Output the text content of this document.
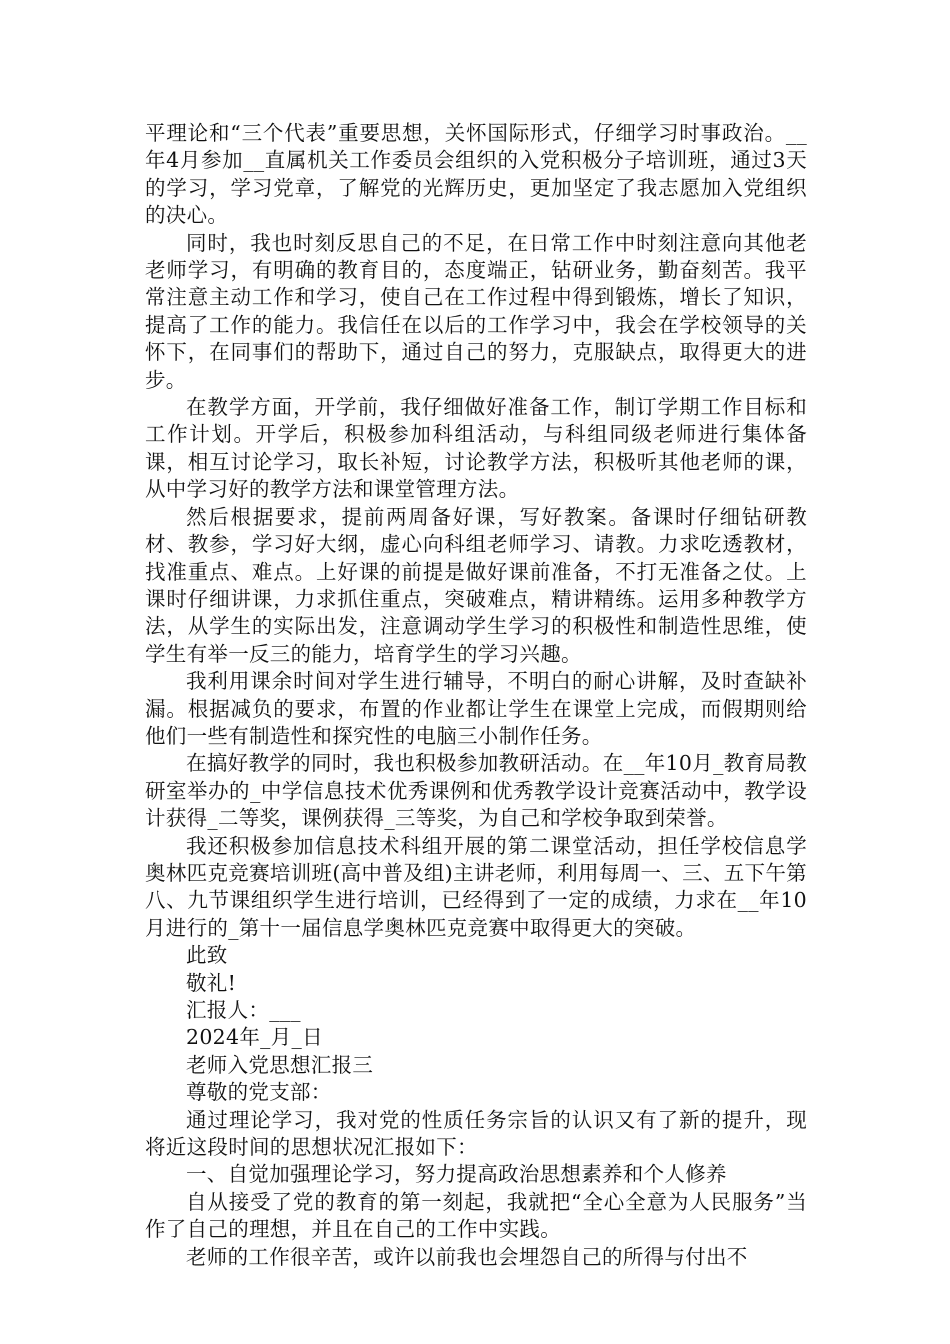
平理论和“三个代表”重要思想，关怀国际形式，仔细学习时事政治。__年4月参加__直属机关工作委员会组织的入党积极分子培训班，通过3天的学习，学习党章，了解党的光辉历史，更加坚定了我志愿加入党组织的决心。

同时，我也时刻反思自己的不足，在日常工作中时刻注意向其他老老师学习，有明确的教育目的，态度端正，钻研业务，勤奋刻苦。我平常注意主动工作和学习，使自己在工作过程中得到锻炼，增长了知识，提高了工作的能力。我信任在以后的工作学习中，我会在学校领导的关怀下，在同事们的帮助下，通过自己的努力，克服缺点，取得更大的进步。

在教学方面，开学前，我仔细做好准备工作，制订学期工作目标和工作计划。开学后，积极参加科组活动，与科组同级老师进行集体备课，相互讨论学习，取长补短，讨论教学方法，积极听其他老师的课，从中学习好的教学方法和课堂管理方法。

然后根据要求，提前两周备好课，写好教案。备课时仔细钻研教材、教参，学习好大纲，虚心向科组老师学习、请教。力求吃透教材，找准重点、难点。上好课的前提是做好课前准备，不打无准备之仗。上课时仔细讲课，力求抓住重点，突破难点，精讲精练。运用多种教学方法，从学生的实际出发，注意调动学生学习的积极性和制造性思维，使学生有举一反三的能力，培育学生的学习兴趣。

我利用课余时间对学生进行辅导，不明白的耐心讲解，及时查缺补漏。根据减负的要求，布置的作业都让学生在课堂上完成，而假期则给他们一些有制造性和探究性的电脑三小制作任务。

在搞好教学的同时，我也积极参加教研活动。在__年10月_教育局教研室举办的_中学信息技术优秀课例和优秀教学设计竞赛活动中，教学设计获得_二等奖，课例获得_三等奖，为自己和学校争取到荣誉。

我还积极参加信息技术科组开展的第二课堂活动，担任学校信息学奥林匹克竞赛培训班(高中普及组)主讲老师，利用每周一、三、五下午第八、九节课组织学生进行培训，已经得到了一定的成绩，力求在__年10月进行的_第十一届信息学奥林匹克竞赛中取得更大的突破。

此致

敬礼!

汇报人：___

2024年_月_日

老师入党思想汇报三

尊敬的党支部：

通过理论学习，我对党的性质任务宗旨的认识又有了新的提升，现将近这段时间的思想状况汇报如下：

一、自觉加强理论学习，努力提高政治思想素养和个人修养

自从接受了党的教育的第一刻起，我就把“全心全意为人民服务”当作了自己的理想，并且在自己的工作中实践。

老师的工作很辛苦，或许以前我也会埋怨自己的所得与付出不
